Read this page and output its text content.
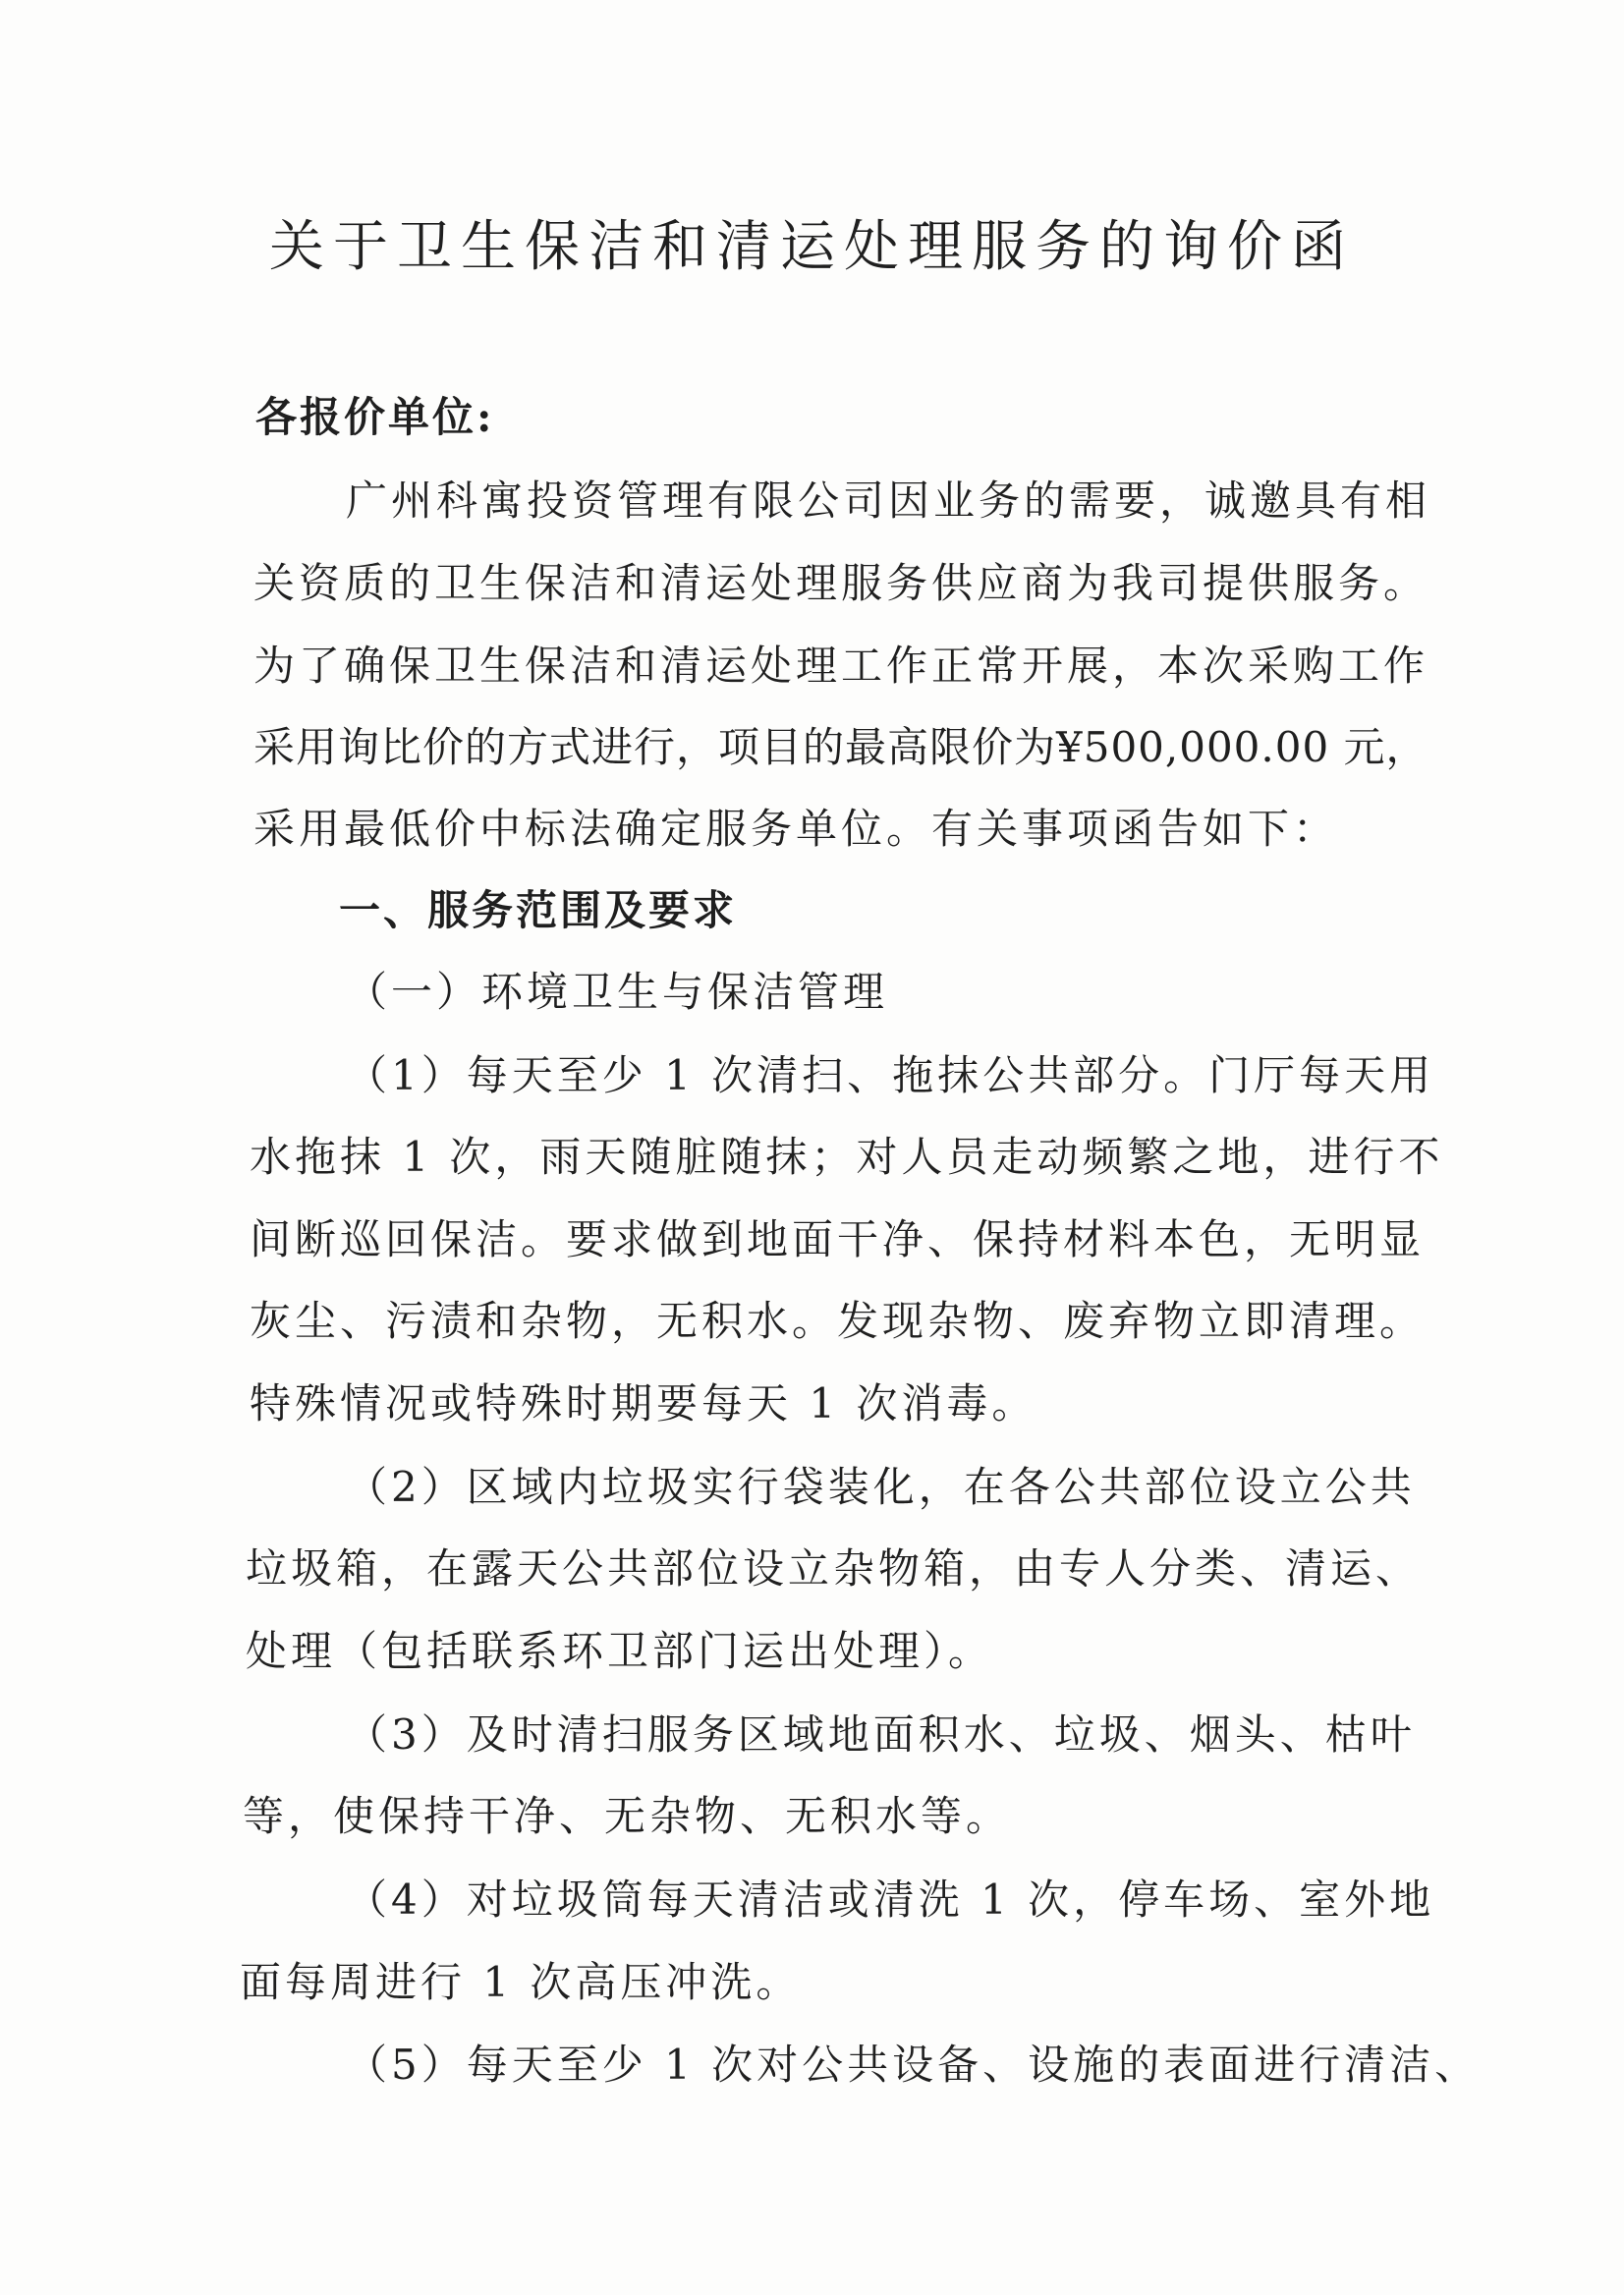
关于卫生保洁和清运处理服务的询价函

各报价单位:

广州科寓投资管理有限公司因业务的需要，诚邀具有相

关资质的卫生保洁和清运处理服务供应商为我司提供服务。

为了确保卫生保洁和清运处理工作正常开展，本次采购工作

采用询比价的方式进行，项目的最高限价为¥500,000.00 元，

采用最低价中标法确定服务单位。有关事项函告如下：

一、服务范围及要求

（一）环境卫生与保洁管理

（1）每天至少 1 次清扫、拖抹公共部分。门厅每天用

水拖抹 1 次，雨天随脏随抹；对人员走动频繁之地，进行不

间断巡回保洁。要求做到地面干净、保持材料本色，无明显

灰尘、污渍和杂物，无积水。发现杂物、废弃物立即清理。

特殊情况或特殊时期要每天 1 次消毒。

（2）区域内垃圾实行袋装化，在各公共部位设立公共

垃圾箱，在露天公共部位设立杂物箱，由专人分类、清运、

处理（包括联系环卫部门运出处理）。

（3）及时清扫服务区域地面积水、垃圾、烟头、枯叶

等，使保持干净、无杂物、无积水等。

（4）对垃圾筒每天清洁或清洗 1 次，停车场、室外地

面每周进行 1 次高压冲洗。

（5）每天至少 1 次对公共设备、设施的表面进行清洁、
